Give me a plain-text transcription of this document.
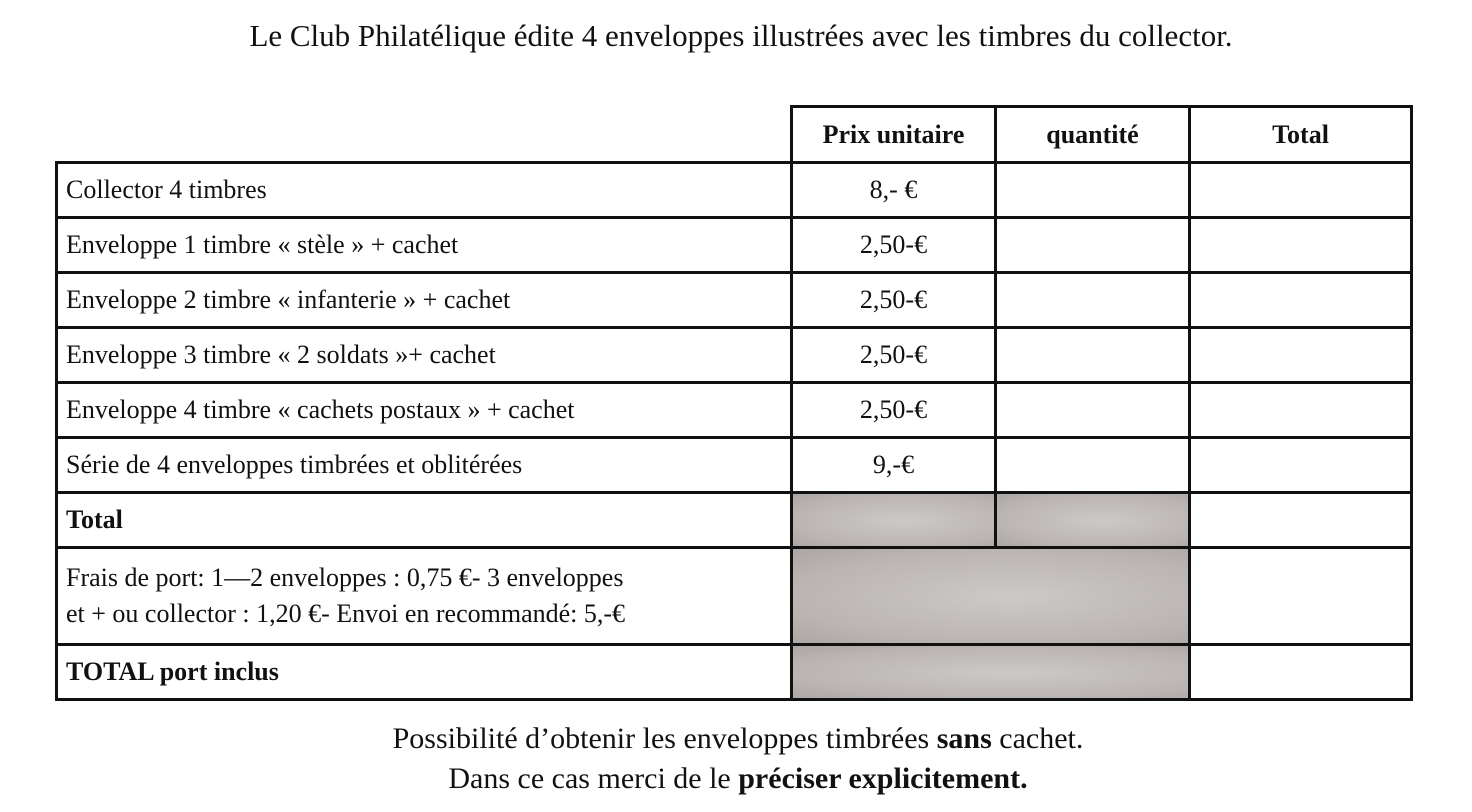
Le Club Philatélique édite 4 enveloppes illustrées avec les timbres du collector.
	Prix unitaire	quantité	Total
Collector 4 timbres	8,- €		
Enveloppe 1 timbre « stèle » + cachet	2,50-€		
Enveloppe 2 timbre « infanterie » + cachet	2,50-€		
Enveloppe 3 timbre « 2 soldats »+ cachet	2,50-€		
Enveloppe 4 timbre « cachets postaux » + cachet	2,50-€		
Série de 4 enveloppes timbrées et oblitérées	9,-€		
Total			

Frais de port: 1—2 enveloppes : 0,75 €- 3 enveloppes
et + ou collector : 1,20 €- Envoi en recommandé: 5,-€			

TOTAL port inclus			
Possibilité d’obtenir les enveloppes timbrées sans cachet.
Dans ce cas merci de le préciser explicitement.
